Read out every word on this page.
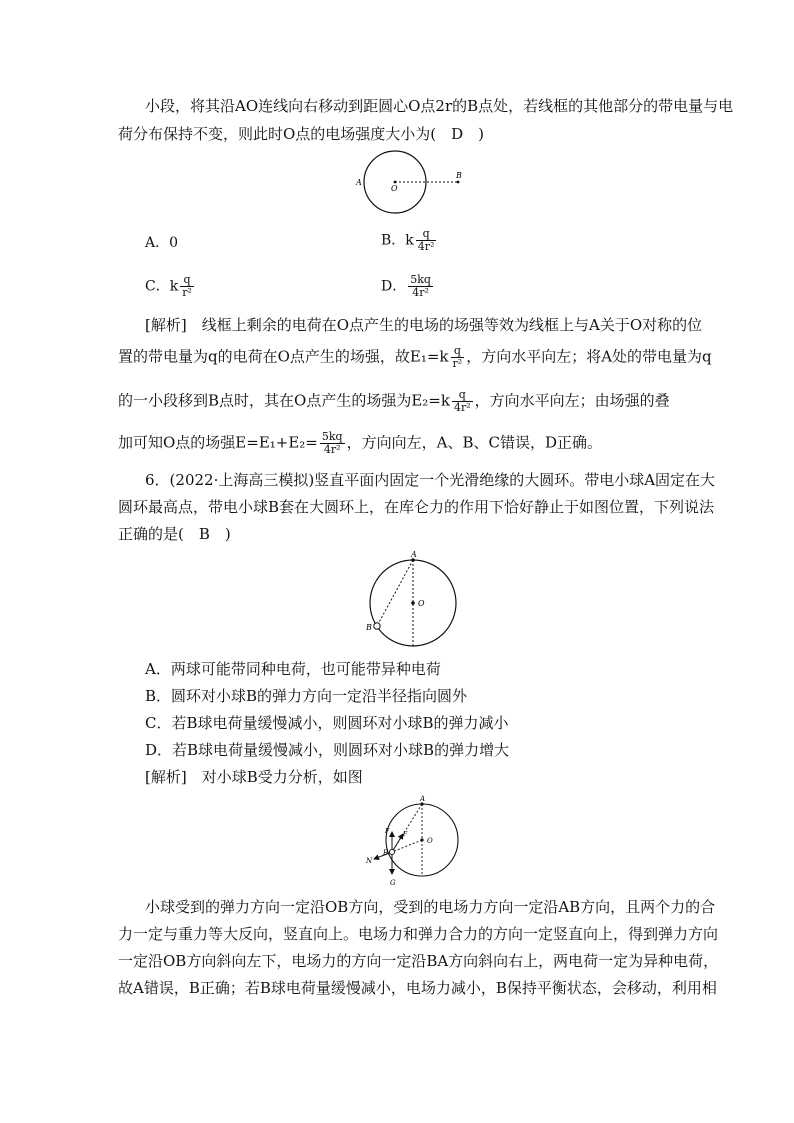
小段，将其沿AO连线向右移动到距圆心O点2r的B点处，若线框的其他部分的带电量与电
荷分布保持不变，则此时O点的电场强度大小为(　D　)
A
O
B
A．0	B．k $\frac{q}{\text{4r²}}$
C．k $\frac{q}{\text{r²}}$	D． $\frac{5kq}{\text{4r²}}$
[解析]　线框上剩余的电荷在O点产生的电场的场强等效为线框上与A关于O对称的位
置的带电量为q的电荷在O点产生的场强，故$E_1=k \frac{q}{\text{r²}}$ ，方向水平向左；将A处的带电量为q
的一小段移到B点时，其在O点产生的场强为$E_2=k \frac{q}{\text{4r²}}$ ，方向水平向左；由场强的叠
加可知O点的场强$E=E_1+E_2= \frac{5kq}{\text{4r²}}$ ，方向向左，A、B、C错误，D正确。
6．(2022·上海高三模拟)竖直平面内固定一个光滑绝缘的大圆环。带电小球A固定在大
圆环最高点，带电小球B套在大圆环上，在库仑力的作用下恰好静止于如图位置，下列说法
正确的是(　B　)
A
O
B
A．两球可能带同种电荷，也可能带异种电荷
B．圆环对小球B的弹力方向一定沿半径指向圆外
C．若B球电荷量缓慢减小，则圆环对小球B的弹力减小
D．若B球电荷量缓慢减小，则圆环对小球B的弹力增大
[解析]　对小球B受力分析，如图
A
O
B
N
G
F F
小球受到的弹力方向一定沿OB方向，受到的电场力方向一定沿AB方向，且两个力的合
力一定与重力等大反向，竖直向上。电场力和弹力合力的方向一定竖直向上，得到弹力方向
一定沿OB方向斜向左下，电场力的方向一定沿BA方向斜向右上，两电荷一定为异种电荷，
故A错误，B正确；若B球电荷量缓慢减小，电场力减小，B保持平衡状态，会移动，利用相
